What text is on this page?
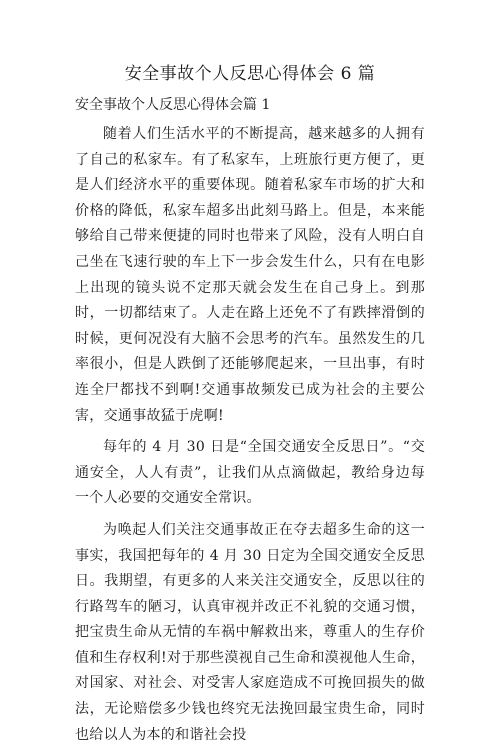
安全事故个人反思心得体会 6 篇
安全事故个人反思心得体会篇 1

随着人们生活水平的不断提高，越来越多的人拥有了自己的私家车。有了私家车，上班旅行更方便了，更是人们经济水平的重要体现。随着私家车市场的扩大和价格的降低，私家车超多出此刻马路上。但是，本来能够给自己带来便捷的同时也带来了风险，没有人明白自己坐在飞速行驶的车上下一步会发生什么，只有在电影上出现的镜头说不定那天就会发生在自己身上。到那时，一切都结束了。人走在路上还免不了有跌摔滑倒的时候，更何况没有大脑不会思考的汽车。虽然发生的几率很小，但是人跌倒了还能够爬起来，一旦出事，有时连全尸都找不到啊!交通事故频发已成为社会的主要公害，交通事故猛于虎啊!

每年的 4 月 30 日是“全国交通安全反思日”。“交通安全，人人有责”，让我们从点滴做起，教给身边每一个人必要的交通安全常识。

为唤起人们关注交通事故正在夺去超多生命的这一事实，我国把每年的 4 月 30 日定为全国交通安全反思日。我期望，有更多的人来关注交通安全，反思以往的行路驾车的陋习，认真审视并改正不礼貌的交通习惯，把宝贵生命从无情的车祸中解救出来，尊重人的生存价值和生存权利!对于那些漠视自己生命和漠视他人生命，对国家、对社会、对受害人家庭造成不可挽回损失的做法，无论赔偿多少钱也终究无法挽回最宝贵生命，同时也给以人为本的和谐社会投
